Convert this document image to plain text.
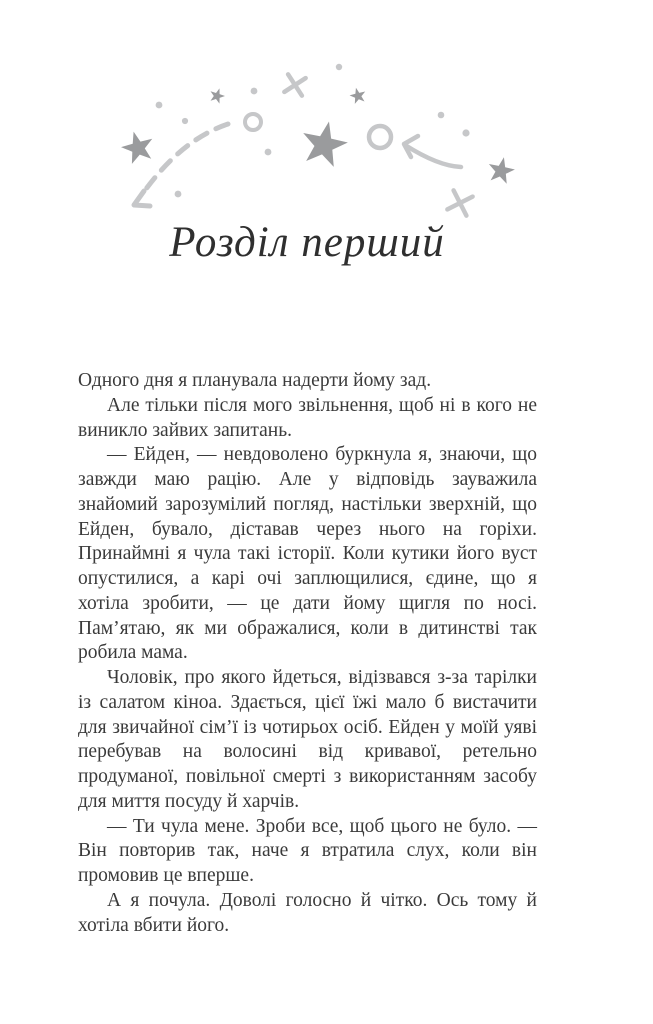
Розділ перший

Одного дня я планувала надерти йому зад.

Але тільки після мого звільнення, щоб ні в кого не виникло зайвих запитань.

— Ейден, — невдоволено буркнула я, знаючи, що завжди маю рацію. Але у відповідь зауважила знайомий зарозумілий погляд, настільки зверхній, що Ейден, бувало, діставав через нього на горіхи. Принаймні я чула такі історії. Коли кутики його вуст опустилися, а карі очі заплющилися, єдине, що я хотіла зробити, — це дати йому щигля по носі. Пам’ятаю, як ми ображалися, коли в дитинстві так робила мама.

Чоловік, про якого йдеться, відізвався з-за тарілки із салатом кіноа. Здається, цієї їжі мало б вистачити для звичайної сім’ї із чотирьох осіб. Ейден у моїй уяві перебував на волосині від кривавої, ретельно продуманої, повільної смерті з використанням засобу для миття посуду й харчів.

— Ти чула мене. Зроби все, щоб цього не було. — Він повторив так, наче я втратила слух, коли він промовив це вперше.

А я почула. Доволі голосно й чітко. Ось тому й хотіла вбити його.
